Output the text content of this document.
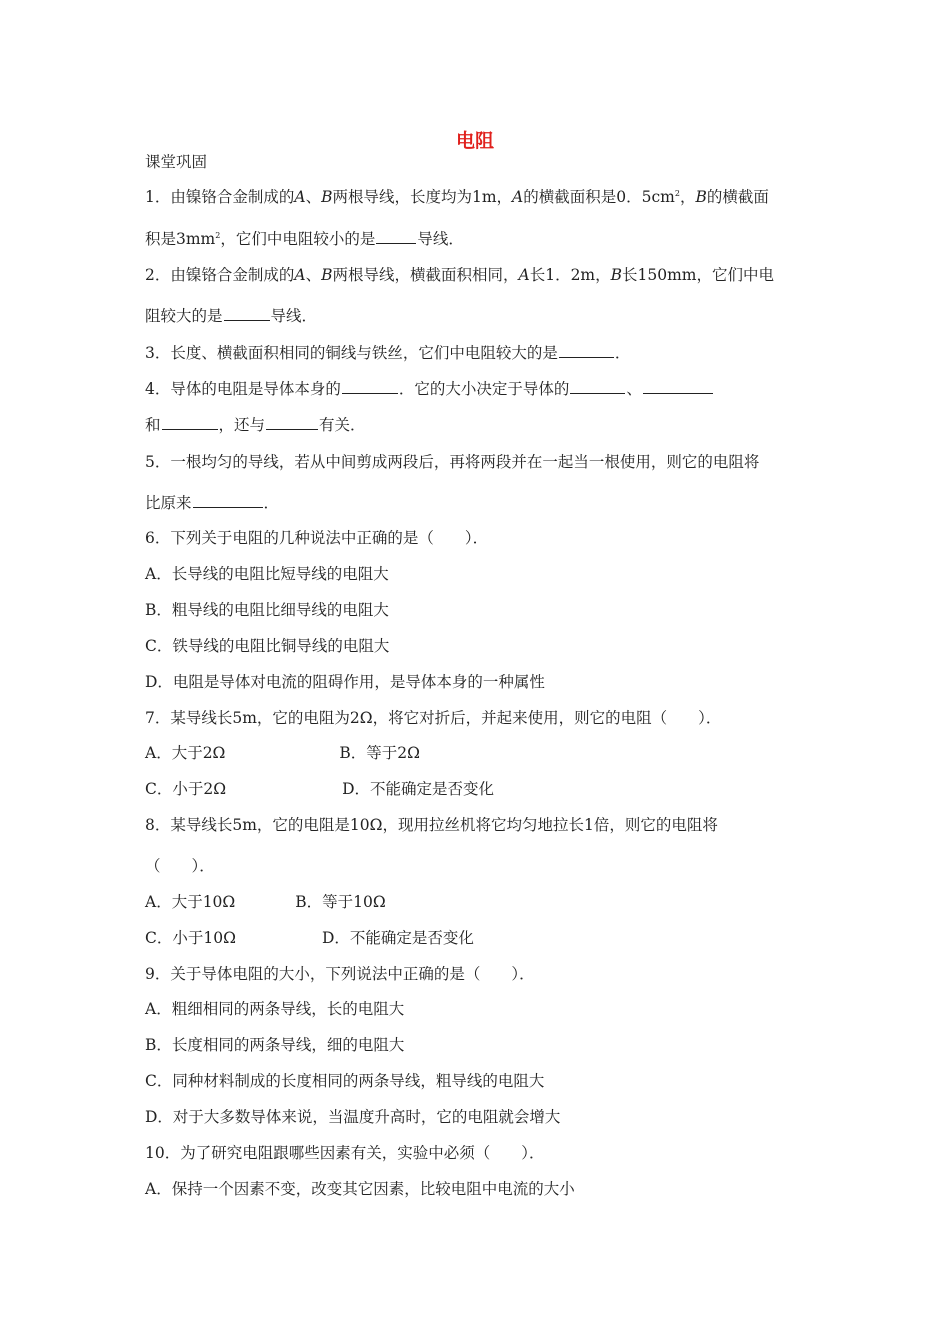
电阻
课堂巩固
1．由镍铬合金制成的A、B两根导线，长度均为1m，A的横截面积是0．$5cm^2$，B的横截面
积是$3mm^2$，它们中电阻较小的是	导线．
2．由镍铬合金制成的A、B两根导线，横截面积相同，A长1．2m，B长150mm，它们中电
阻较大的是	导线．
3．长度、横截面积相同的铜线与铁丝，它们中电阻较大的是	．
4．导体的电阻是导体本身的	．它的大小决定于导体的	、
和	，还与	有关．
5．一根均匀的导线，若从中间剪成两段后，再将两段并在一起当一根使用，则它的电阻将
比原来	．
6．下列关于电阻的几种说法中正确的是（　　）．
A．长导线的电阻比短导线的电阻大
B．粗导线的电阻比细导线的电阻大
C．铁导线的电阻比铜导线的电阻大
D．电阻是导体对电流的阻碍作用，是导体本身的一种属性
7．某导线长5m，它的电阻为2Ω，将它对折后，并起来使用，则它的电阻（　　）．
A．大于2Ω	B．等于2Ω
C．小于2Ω	D．不能确定是否变化
8．某导线长5m，它的电阻是10Ω，现用拉丝机将它均匀地拉长1倍，则它的电阻将
（　　）．
A．大于10Ω	B．等于10Ω
C．小于10Ω	D．不能确定是否变化
9．关于导体电阻的大小，下列说法中正确的是（　　）．
A．粗细相同的两条导线，长的电阻大
B．长度相同的两条导线，细的电阻大
C．同种材料制成的长度相同的两条导线，粗导线的电阻大
D．对于大多数导体来说，当温度升高时，它的电阻就会增大
10．为了研究电阻跟哪些因素有关，实验中必须（　　）．
A．保持一个因素不变，改变其它因素，比较电阻中电流的大小
